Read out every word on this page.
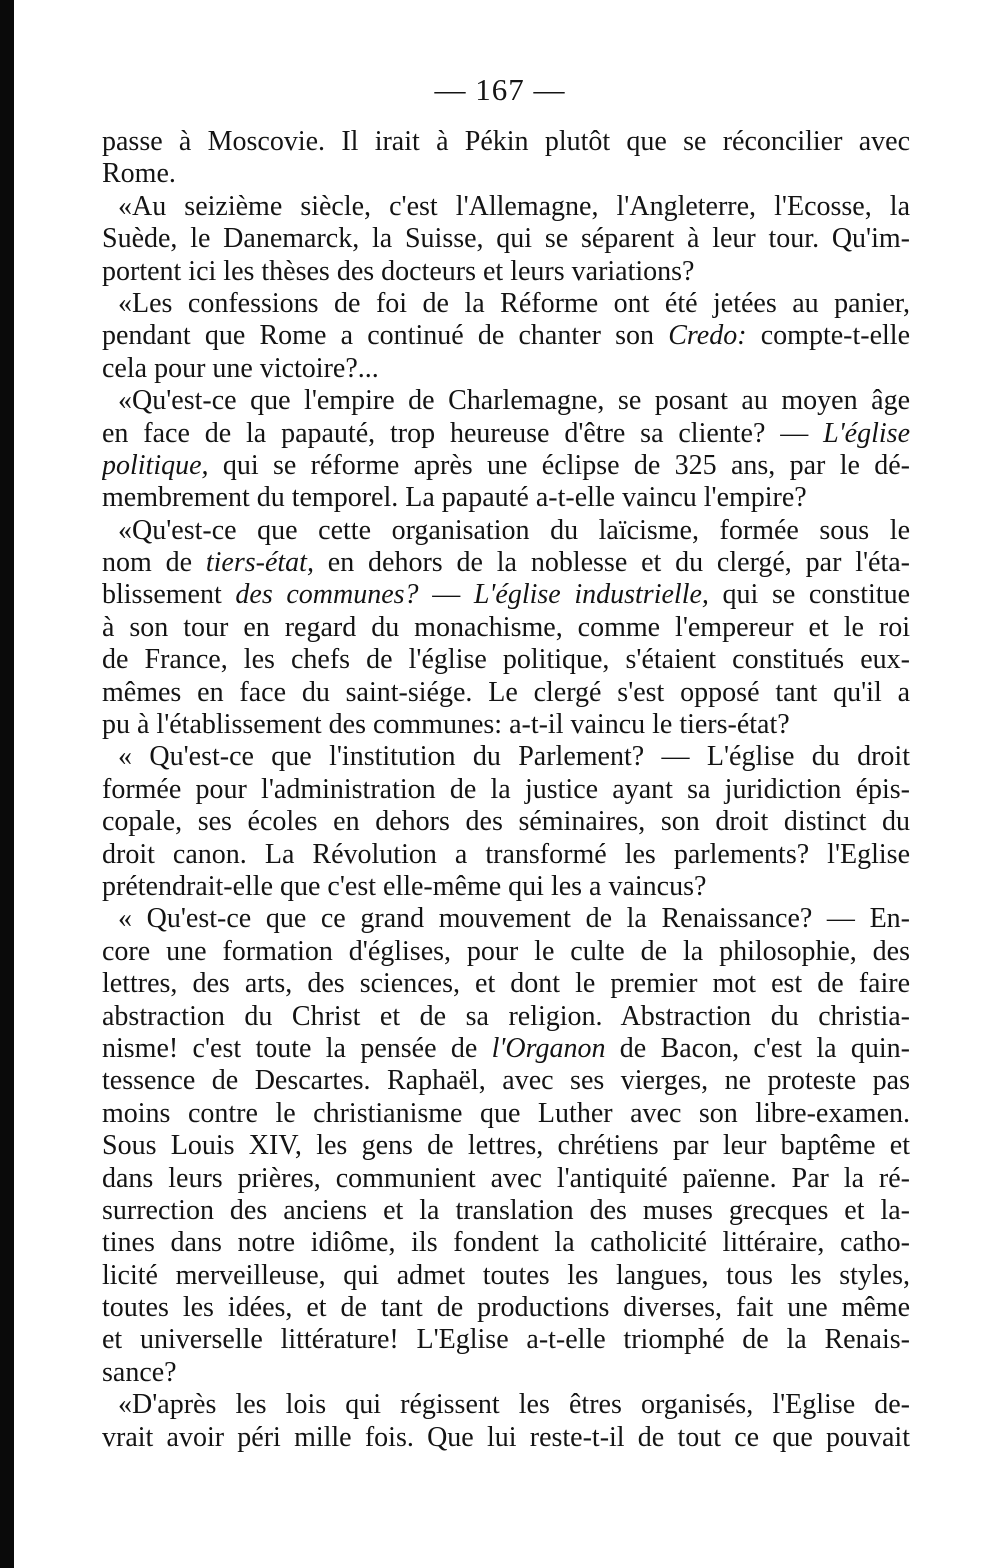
— 167 —
passe à Moscovie. Il irait à Pékin plutôt que se réconcilier avec
Rome.
«Au seizième siècle, c'est l'Allemagne, l'Angleterre, l'Ecosse, la
Suède, le Danemarck, la Suisse, qui se séparent à leur tour. Qu'im-
portent ici les thèses des docteurs et leurs variations?
«Les confessions de foi de la Réforme ont été jetées au panier,
pendant que Rome a continué de chanter son Credo: compte-t-elle
cela pour une victoire?...
«Qu'est-ce que l'empire de Charlemagne, se posant au moyen âge
en face de la papauté, trop heureuse d'être sa cliente? — L'église
politique, qui se réforme après une éclipse de 325 ans, par le dé-
membrement du temporel. La papauté a-t-elle vaincu l'empire?
«Qu'est-ce que cette organisation du laïcisme, formée sous le
nom de tiers-état, en dehors de la noblesse et du clergé, par l'éta-
blissement des communes? — L'église industrielle, qui se constitue
à son tour en regard du monachisme, comme l'empereur et le roi
de France, les chefs de l'église politique, s'étaient constitués eux-
mêmes en face du saint-siége. Le clergé s'est opposé tant qu'il a
pu à l'établissement des communes: a-t-il vaincu le tiers-état?
« Qu'est-ce que l'institution du Parlement? — L'église du droit
formée pour l'administration de la justice ayant sa juridiction épis-
copale, ses écoles en dehors des séminaires, son droit distinct du
droit canon. La Révolution a transformé les parlements? l'Eglise
prétendrait-elle que c'est elle-même qui les a vaincus?
« Qu'est-ce que ce grand mouvement de la Renaissance? — En-
core une formation d'églises, pour le culte de la philosophie, des
lettres, des arts, des sciences, et dont le premier mot est de faire
abstraction du Christ et de sa religion. Abstraction du christia-
nisme! c'est toute la pensée de l'Organon de Bacon, c'est la quin-
tessence de Descartes. Raphaël, avec ses vierges, ne proteste pas
moins contre le christianisme que Luther avec son libre-examen.
Sous Louis XIV, les gens de lettres, chrétiens par leur baptême et
dans leurs prières, communient avec l'antiquité païenne. Par la ré-
surrection des anciens et la translation des muses grecques et la-
tines dans notre idiôme, ils fondent la catholicité littéraire, catho-
licité merveilleuse, qui admet toutes les langues, tous les styles,
toutes les idées, et de tant de productions diverses, fait une même
et universelle littérature! L'Eglise a-t-elle triomphé de la Renais-
sance?
«D'après les lois qui régissent les êtres organisés, l'Eglise de-
vrait avoir péri mille fois. Que lui reste-t-il de tout ce que pouvait
